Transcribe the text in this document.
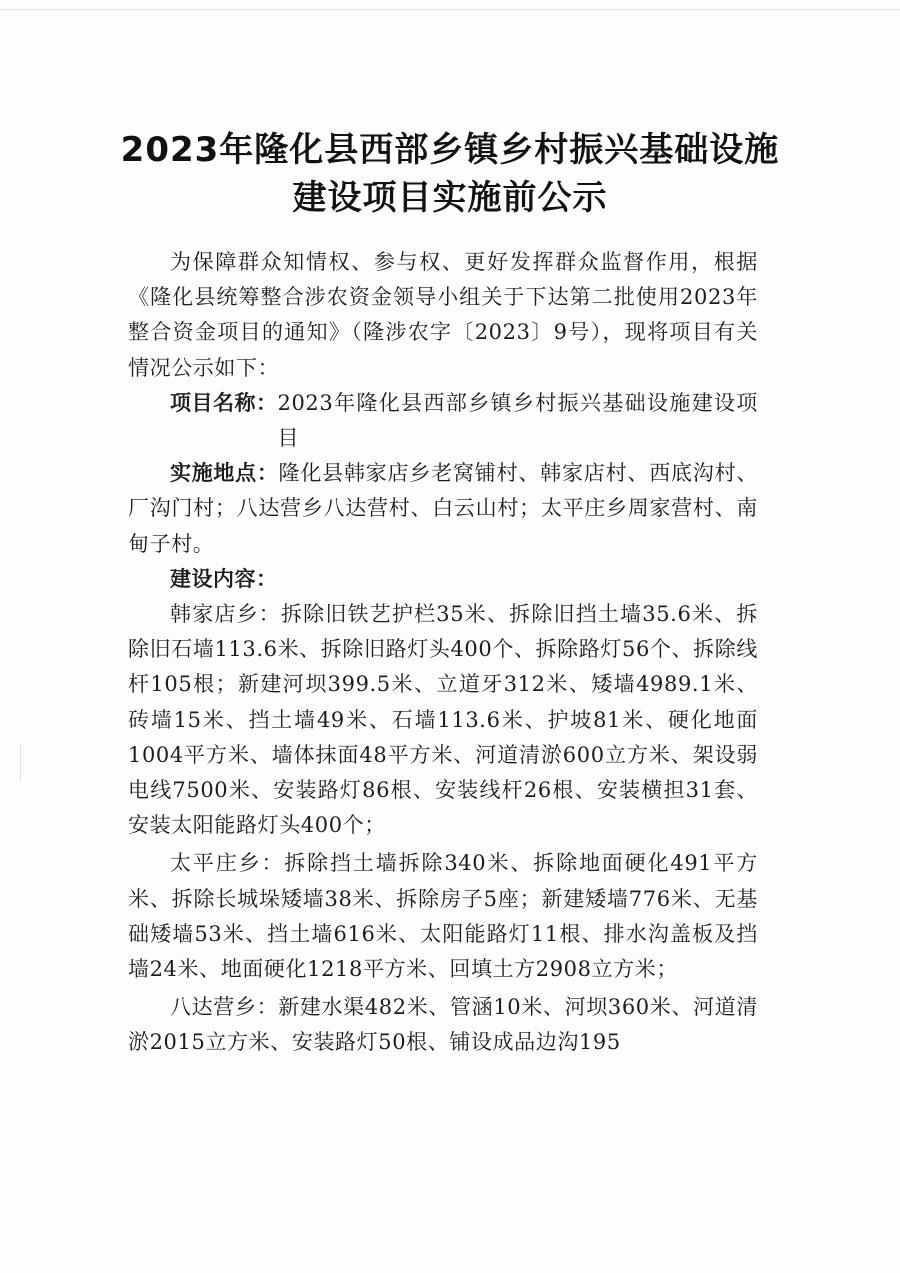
2023年隆化县西部乡镇乡村振兴基础设施
建设项目实施前公示

为保障群众知情权、参与权、更好发挥群众监督作用，根据《隆化县统筹整合涉农资金领导小组关于下达第二批使用2023年整合资金项目的通知》（隆涉农字〔2023〕9号），现将项目有关情况公示如下：

项目名称： 2023年隆化县西部乡镇乡村振兴基础设施建设项目

实施地点：隆化县韩家店乡老窝铺村、韩家店村、西底沟村、厂沟门村；八达营乡八达营村、白云山村；太平庄乡周家营村、南甸子村。

建设内容：

韩家店乡：拆除旧铁艺护栏35米、拆除旧挡土墙35.6米、拆除旧石墙113.6米、拆除旧路灯头400个、拆除路灯56个、拆除线杆105根；新建河坝399.5米、立道牙312米、矮墙4989.1米、砖墙15米、挡土墙49米、石墙113.6米、护坡81米、硬化地面1004平方米、墙体抹面48平方米、河道清淤600立方米、架设弱电线7500米、安装路灯86根、安装线杆26根、安装横担31套、安装太阳能路灯头400个；

太平庄乡：拆除挡土墙拆除340米、拆除地面硬化491平方米、拆除长城垛矮墙38米、拆除房子5座；新建矮墙776米、无基础矮墙53米、挡土墙616米、太阳能路灯11根、排水沟盖板及挡墙24米、地面硬化1218平方米、回填土方2908立方米；

八达营乡：新建水渠482米、管涵10米、河坝360米、河道清淤2015立方米、安装路灯50根、铺设成品边沟195
